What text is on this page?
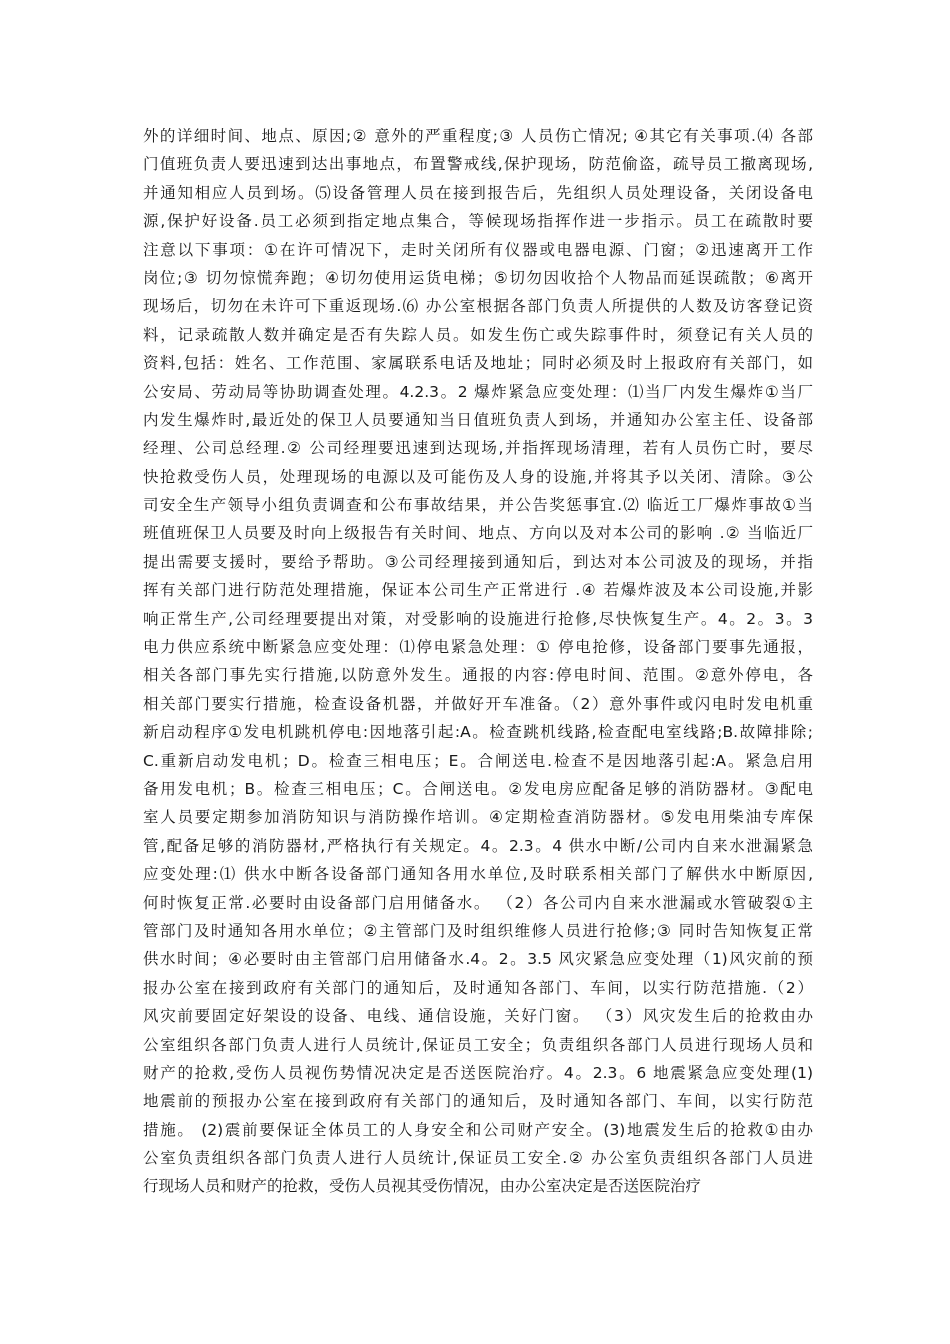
外的详细时间、地点、原因;② 意外的严重程度;③ 人员伤亡情况; ④其它有关事项.⑷ 各部
门值班负责人要迅速到达出事地点，布置警戒线,保护现场，防范偷盗，疏导员工撤离现场,
并通知相应人员到场。⑸设备管理人员在接到报告后，先组织人员处理设备，关闭设备电
源,保护好设备.员工必须到指定地点集合，等候现场指挥作进一步指示。员工在疏散时要
注意以下事项：①在许可情况下，走时关闭所有仪器或电器电源、门窗；②迅速离开工作
岗位;③ 切勿惊慌奔跑；④切勿使用运货电梯；⑤切勿因收拾个人物品而延误疏散；⑥离开
现场后，切勿在未许可下重返现场.⑹ 办公室根据各部门负责人所提供的人数及访客登记资
料，记录疏散人数并确定是否有失踪人员。如发生伤亡或失踪事件时，须登记有关人员的
资料,包括：姓名、工作范围、家属联系电话及地址；同时必须及时上报政府有关部门，如
公安局、劳动局等协助调查处理。4.2.3。2 爆炸紧急应变处理：⑴当厂内发生爆炸①当厂
内发生爆炸时,最近处的保卫人员要通知当日值班负责人到场，并通知办公室主任、设备部
经理、公司总经理.② 公司经理要迅速到达现场,并指挥现场清理，若有人员伤亡时，要尽
快抢救受伤人员，处理现场的电源以及可能伤及人身的设施,并将其予以关闭、清除。③公
司安全生产领导小组负责调查和公布事故结果，并公告奖惩事宜.⑵ 临近工厂爆炸事故①当
班值班保卫人员要及时向上级报告有关时间、地点、方向以及对本公司的影响 .② 当临近厂
提出需要支援时，要给予帮助。③公司经理接到通知后，到达对本公司波及的现场，并指
挥有关部门进行防范处理措施，保证本公司生产正常进行 .④ 若爆炸波及本公司设施,并影
响正常生产,公司经理要提出对策，对受影响的设施进行抢修,尽快恢复生产。4。2。3。3
电力供应系统中断紧急应变处理：⑴停电紧急处理：① 停电抢修，设备部门要事先通报，
相关各部门事先实行措施,以防意外发生。通报的内容:停电时间、范围。②意外停电，各
相关部门要实行措施，检查设备机器，并做好开车准备。（2）意外事件或闪电时发电机重
新启动程序①发电机跳机停电:因地落引起:A。检查跳机线路,检查配电室线路;B.故障排除;
C.重新启动发电机；D。检查三相电压；E。合闸送电.检查不是因地落引起:A。紧急启用
备用发电机；B。检查三相电压；C。合闸送电。②发电房应配备足够的消防器材。③配电
室人员要定期参加消防知识与消防操作培训。④定期检查消防器材。⑤发电用柴油专库保
管,配备足够的消防器材,严格执行有关规定。4。2.3。4 供水中断/公司内自来水泄漏紧急
应变处理:⑴ 供水中断各设备部门通知各用水单位,及时联系相关部门了解供水中断原因,
何时恢复正常.必要时由设备部门启用储备水。 （2）各公司内自来水泄漏或水管破裂①主
管部门及时通知各用水单位；②主管部门及时组织维修人员进行抢修;③ 同时告知恢复正常
供水时间；④必要时由主管部门启用储备水.4。2。3.5 风灾紧急应变处理（1)风灾前的预
报办公室在接到政府有关部门的通知后，及时通知各部门、车间，以实行防范措施.（2）
风灾前要固定好架设的设备、电线、通信设施，关好门窗。 （3）风灾发生后的抢救由办
公室组织各部门负责人进行人员统计,保证员工安全；负责组织各部门人员进行现场人员和
财产的抢救,受伤人员视伤势情况决定是否送医院治疗。4。2.3。6 地震紧急应变处理(1)
地震前的预报办公室在接到政府有关部门的通知后，及时通知各部门、车间，以实行防范
措施。 (2)震前要保证全体员工的人身安全和公司财产安全。(3)地震发生后的抢救①由办
公室负责组织各部门负责人进行人员统计,保证员工安全.② 办公室负责组织各部门人员进
行现场人员和财产的抢救，受伤人员视其受伤情况，由办公室决定是否送医院治疗
